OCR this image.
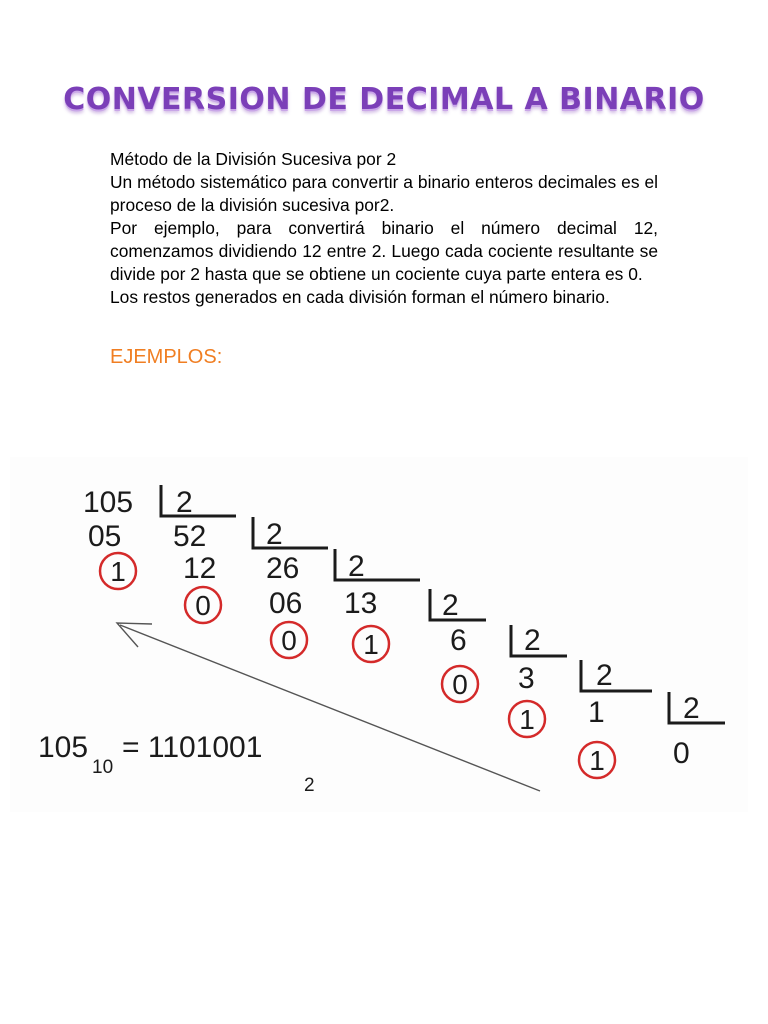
CONVERSION DE DECIMAL A BINARIO

Método de la División Sucesiva por 2

Un método sistemático para convertir a binario enteros decimales es el proceso de la división sucesiva por2.

Por ejemplo, para convertirá binario el número decimal 12, comenzamos dividiendo 12 entre 2. Luego cada cociente resultante se divide por 2 hasta que se obtiene un cociente cuya parte entera es 0.

Los restos generados en cada división forman el número binario.

EJEMPLOS:
105
52
26
13
6
3
1
05
12
06
2
2
2
2
2
2
2
1
0
0 1
0
1
1 0
105
10
= 1101001
2
